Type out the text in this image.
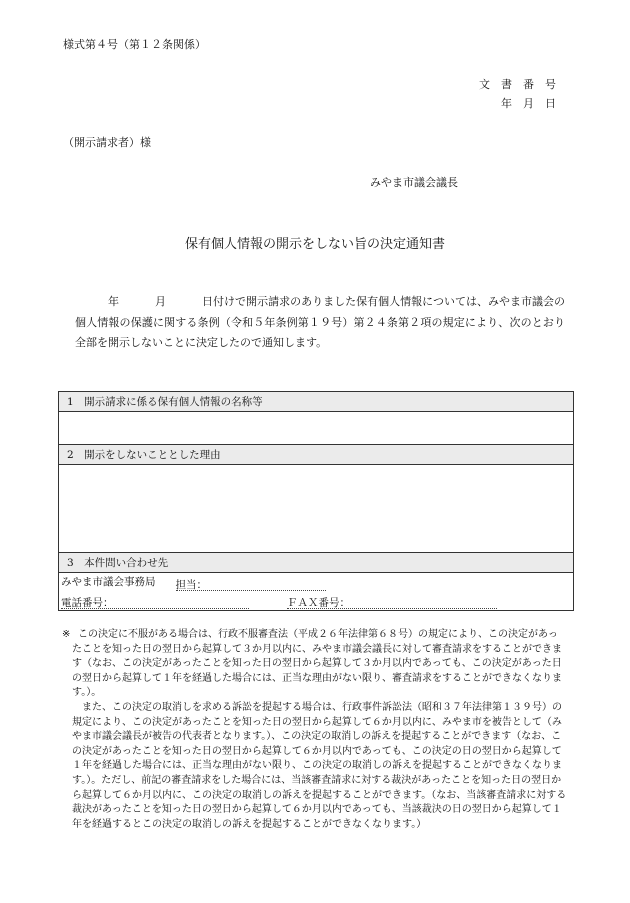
様式第４号（第１２条関係）
文書番号
年月日
（開示請求者）様
みやま市議会議長
保有個人情報の開示をしない旨の決定通知書
年	月	日付けで開示請求のありました保有個人情報については、みやま市議会の個人情報の保護に関する条例（令和５年条例第１９号）第２４条第２項の規定により、次のとおり全部を開示しないことに決定したので通知します。
1　開示請求に係る保有個人情報の名称等

2　開示をしないこととした理由

3　本件問い合わせ先

みやま市議会事務局 担当：
電話番号：	ＦＡＸ番号：

※ この決定に不服がある場合は、行政不服審査法（平成２６年法律第６８号）の規定により、この決定があったことを知った日の翌日から起算して３か月以内に、みやま市議会議長に対して審査請求をすることができます（なお、この決定があったことを知った日の翌日から起算して３か月以内であっても、この決定があった日の翌日から起算して１年を経過した場合には、正当な理由がない限り、審査請求をすることができなくなります。）。

また、この決定の取消しを求める訴訟を提起する場合は、行政事件訴訟法（昭和３７年法律第１３９号）の規定により、この決定があったことを知った日の翌日から起算して６か月以内に、みやま市を被告として（みやま市議会議長が被告の代表者となります。）、この決定の取消しの訴えを提起することができます（なお、この決定があったことを知った日の翌日から起算して６か月以内であっても、この決定の日の翌日から起算して１年を経過した場合には、正当な理由がない限り、この決定の取消しの訴えを提起することができなくなります。）。ただし、前記の審査請求をした場合には、当該審査請求に対する裁決があったことを知った日の翌日から起算して６か月以内に、この決定の取消しの訴えを提起することができます。（なお、当該審査請求に対する裁決があったことを知った日の翌日から起算して６か月以内であっても、当該裁決の日の翌日から起算して１年を経過するとこの決定の取消しの訴えを提起することができなくなります。）
